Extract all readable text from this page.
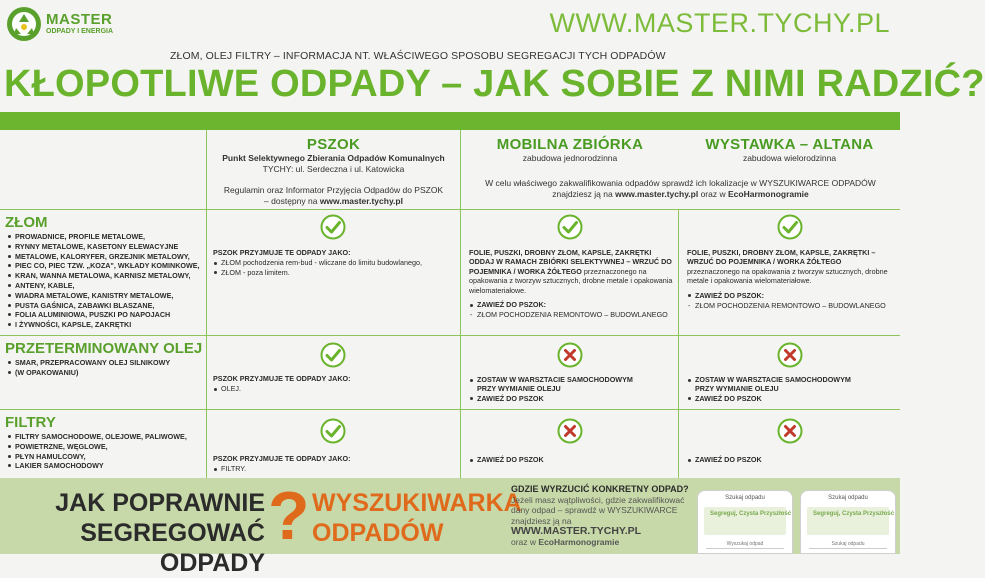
MASTER
ODPADY I ENERGIA	WWW.MASTER.TYCHY.PL
ZŁOM, OLEJ FILTRY – INFORMACJA NT. WŁAŚCIWEGO SPOSOBU SEGREGACJI TYCH ODPADÓW
KŁOPOTLIWE ODPADY – JAK SOBIE Z NIMI RADZIĆ?
PSZOK
Punkt Selektywnego Zbierania Odpadów Komunalnych
TYCHY: ul. Serdeczna i ul. Katowicka
Regulamin oraz Informator Przyjęcia Odpadów do PSZOK
– dostępny na www.master.tychy.pl
MOBILNA ZBIÓRKA
zabudowa jednorodzinna
WYSTAWKA – ALTANA
zabudowa wielorodzinna
W celu właściwego zakwalifikowania odpadów sprawdź ich lokalizacje w WYSZUKIWARCE ODPADÓW
znajdziesz ją na www.master.tychy.pl oraz w EcoHarmonogramie
ZŁOM
PROWADNICE, PROFILE METALOWE,
RYNNY METALOWE, KASETONY ELEWACYJNE
METALOWE, KALORYFER, GRZEJNIK METALOWY,
PIEC CO, PIEC TZW. „KOZA", WKŁADY KOMINKOWE,
KRAN, WANNA METALOWA, KARNISZ METALOWY,
ANTENY, KABLE,
WIADRA METALOWE, KANISTRY METALOWE,
PUSTA GAŚNICA, ZABAWKI BLASZANE,
FOLIA ALUMINIOWA, PUSZKI PO NAPOJACH
I ŻYWNOŚCI, KAPSLE, ZAKRĘTKI
PSZOK PRZYJMUJE TE ODPADY JAKO:
ZŁOM pochodzenia rem-bud - wliczane do limitu budowlanego,
ZŁOM - poza limitem.
FOLIE, PUSZKI, DROBNY ZŁOM, KAPSLE, ZAKRĘTKI ODDAJ W RAMACH ZBIÓRKI SELEKTYWNEJ – WRZUĆ DO POJEMNIKA / WORKA ŻÓŁTEGO przeznaczonego na opakowania z tworzyw sztucznych, drobne metale i opakowania wielomateriałowe.
ZAWIEŹ DO PSZOK:
- ZŁOM POCHODZENIA REMONTOWO – BUDOWLANEGO
FOLIE, PUSZKI, DROBNY ZŁOM, KAPSLE, ZAKRĘTKI – WRZUĆ DO POJEMNIKA / WORKA ŻÓŁTEGO przeznaczonego na opakowania z tworzyw sztucznych, drobne metale i opakowania wielomateriałowe.
ZAWIEŹ DO PSZOK:
- ZŁOM POCHODZENIA REMONTOWO – BUDOWLANEGO
PRZETERMINOWANY OLEJ
SMAR, PRZEPRACOWANY OLEJ SILNIKOWY
(W OPAKOWANIU)
PSZOK PRZYJMUJE TE ODPADY JAKO:
OLEJ.
ZOSTAW W WARSZTACIE SAMOCHODOWYM
PRZY WYMIANIE OLEJU
ZAWIEŹ DO PSZOK
ZOSTAW W WARSZTACIE SAMOCHODOWYM
PRZY WYMIANIE OLEJU
ZAWIEŹ DO PSZOK
FILTRY
FILTRY SAMOCHODOWE, OLEJOWE, PALIWOWE,
POWIETRZNE, WĘGLOWE,
PŁYN HAMULCOWY,
LAKIER SAMOCHODOWY
PSZOK PRZYJMUJE TE ODPADY JAKO:
FILTRY.
ZAWIEŹ DO PSZOK	ZAWIEŹ DO PSZOK
JAK POPRAWNIE
SEGREGOWAĆ ODPADY
? WYSZUKIWARKA
ODPADÓW
GDZIE WYRZUCIĆ KONKRETNY ODPAD?
Jeżeli masz wątpliwości, gdzie zakwalifikować
dany odpad – sprawdź w WYSZUKIWARCE
znajdziesz ją na WWW.MASTER.TYCHY.PL
oraz w EcoHarmonogramie
Szukaj odpadu
Segreguj, Czysta Przyszłość
Wyszukaj odpad
Szukaj odpadu
Segreguj, Czysta Przyszłość
Szukaj odpadu
